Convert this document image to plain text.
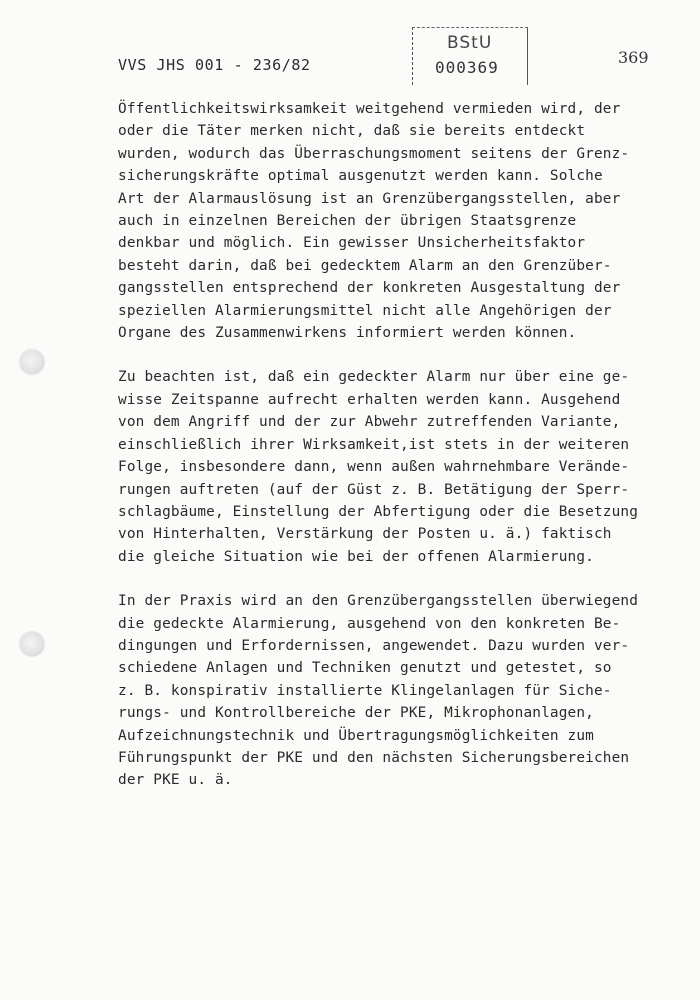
VVS JHS 001 - 236/82
BStU
000369
369
Öffentlichkeitswirksamkeit weitgehend vermieden wird, der
oder die Täter merken nicht, daß sie bereits entdeckt
wurden, wodurch das Überraschungsmoment seitens der Grenz-
sicherungskräfte optimal ausgenutzt werden kann. Solche
Art der Alarmauslösung ist an Grenzübergangsstellen, aber
auch in einzelnen Bereichen der übrigen Staatsgrenze
denkbar und möglich. Ein gewisser Unsicherheitsfaktor
besteht darin, daß bei gedecktem Alarm an den Grenzüber-
gangsstellen entsprechend der konkreten Ausgestaltung der
speziellen Alarmierungsmittel nicht alle Angehörigen der
Organe des Zusammenwirkens informiert werden können.
Zu beachten ist, daß ein gedeckter Alarm nur über eine ge-
wisse Zeitspanne aufrecht erhalten werden kann. Ausgehend
von dem Angriff und der zur Abwehr zutreffenden Variante,
einschließlich ihrer Wirksamkeit,ist stets in der weiteren
Folge, insbesondere dann, wenn außen wahrnehmbare Verände-
rungen auftreten (auf der Güst z. B. Betätigung der Sperr-
schlagbäume, Einstellung der Abfertigung oder die Besetzung
von Hinterhalten, Verstärkung der Posten u. ä.) faktisch
die gleiche Situation wie bei der offenen Alarmierung.
In der Praxis wird an den Grenzübergangsstellen überwiegend
die gedeckte Alarmierung, ausgehend von den konkreten Be-
dingungen und Erfordernissen, angewendet. Dazu wurden ver-
schiedene Anlagen und Techniken genutzt und getestet, so
z. B. konspirativ installierte Klingelanlagen für Siche-
rungs- und Kontrollbereiche der PKE, Mikrophonanlagen,
Aufzeichnungstechnik und Übertragungsmöglichkeiten zum
Führungspunkt der PKE und den nächsten Sicherungsbereichen
der PKE u. ä.
